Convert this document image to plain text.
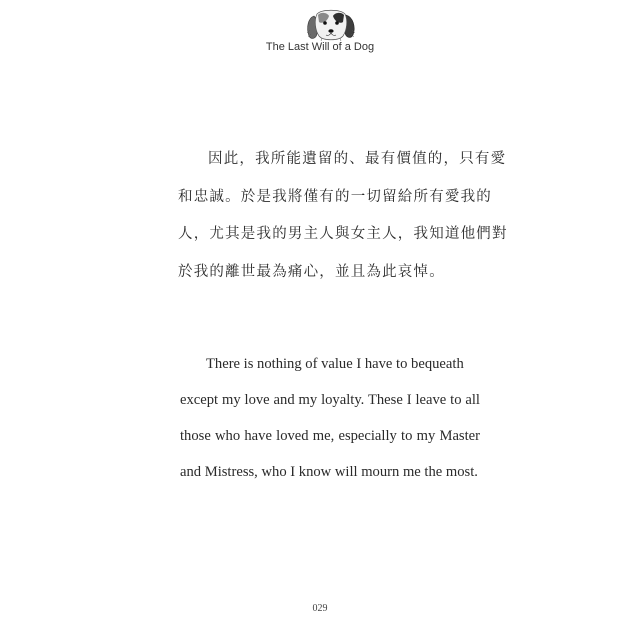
The Last Will of a Dog
因此，我所能遺留的、最有價值的，只有愛
和忠誠。於是我將僅有的一切留給所有愛我的
人，尤其是我的男主人與女主人，我知道他們對
於我的離世最為痛心，並且為此哀悼。
There is nothing of value I have to bequeath
except my love and my loyalty. These I leave to all
those who have loved me, especially to my Master
and Mistress, who I know will mourn me the most.
029
